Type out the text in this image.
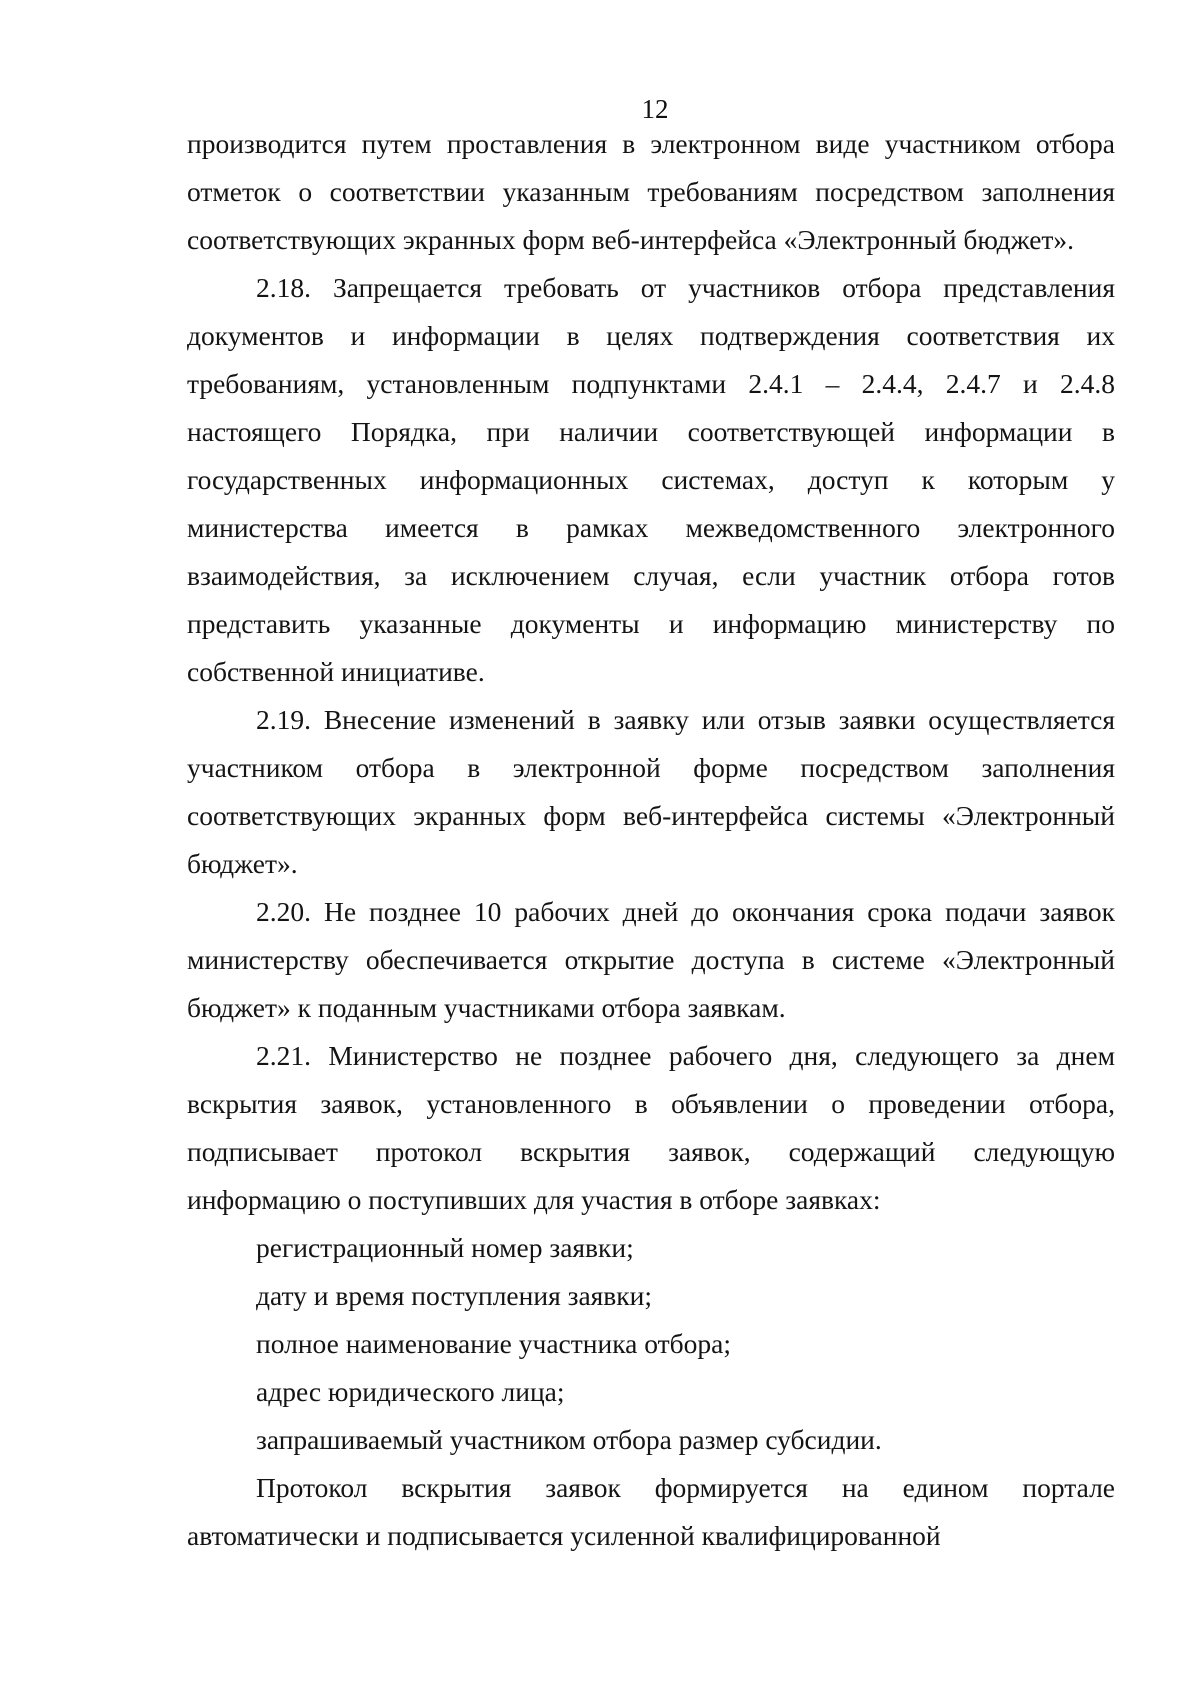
12

производится путем проставления в электронном виде участником отбора отметок о соответствии указанным требованиям посредством заполнения соответствующих экранных форм веб-интерфейса «Электронный бюджет».

2.18. Запрещается требовать от участников отбора представления документов и информации в целях подтверждения соответствия их требованиям, установленным подпунктами 2.4.1 – 2.4.4, 2.4.7 и 2.4.8 настоящего Порядка, при наличии соответствующей информации в государственных информационных системах, доступ к которым у министерства имеется в рамках межведомственного электронного взаимодействия, за исключением случая, если участник отбора готов представить указанные документы и информацию министерству по собственной инициативе.

2.19. Внесение изменений в заявку или отзыв заявки осуществляется участником отбора в электронной форме посредством заполнения соответствующих экранных форм веб-интерфейса системы «Электронный бюджет».

2.20. Не позднее 10 рабочих дней до окончания срока подачи заявок министерству обеспечивается открытие доступа в системе «Электронный бюджет» к поданным участниками отбора заявкам.

2.21. Министерство не позднее рабочего дня, следующего за днем вскрытия заявок, установленного в объявлении о проведении отбора, подписывает протокол вскрытия заявок, содержащий следующую информацию о поступивших для участия в отборе заявках:

регистрационный номер заявки;

дату и время поступления заявки;

полное наименование участника отбора;

адрес юридического лица;

запрашиваемый участником отбора размер субсидии.

Протокол вскрытия заявок формируется на едином портале автоматически и подписывается усиленной квалифицированной
